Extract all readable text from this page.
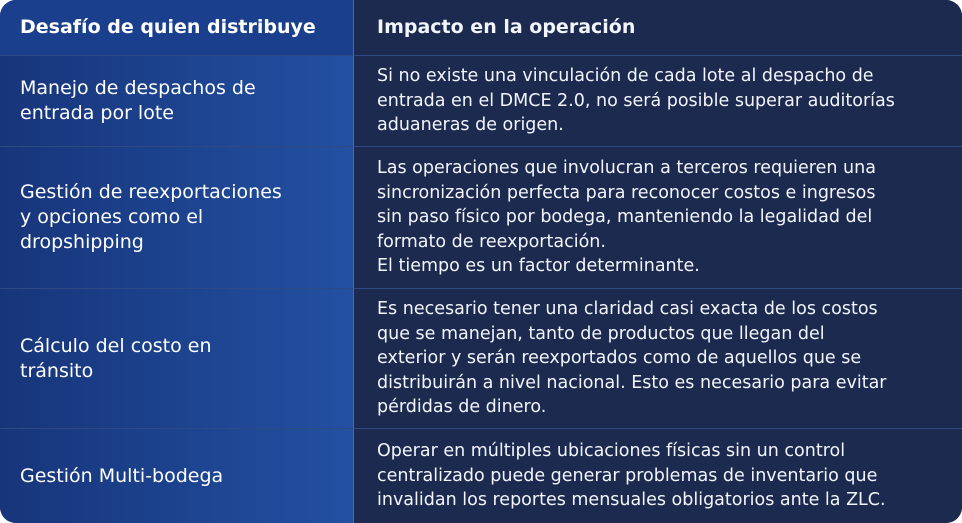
Desafío de quien distribuye	Impacto en la operación
Manejo de despachos de
entrada por lote
Si no existe una vinculación de cada lote al despacho de
entrada en el DMCE 2.0, no será posible superar auditorías
aduaneras de origen.
Gestión de reexportaciones
y opciones como el
dropshipping
Las operaciones que involucran a terceros requieren una
sincronización perfecta para reconocer costos e ingresos
sin paso físico por bodega, manteniendo la legalidad del
formato de reexportación.
El tiempo es un factor determinante.
Cálculo del costo en
tránsito
Es necesario tener una claridad casi exacta de los costos
que se manejan, tanto de productos que llegan del
exterior y serán reexportados como de aquellos que se
distribuirán a nivel nacional. Esto es necesario para evitar
pérdidas de dinero.
Gestión Multi-bodega
Operar en múltiples ubicaciones físicas sin un control
centralizado puede generar problemas de inventario que
invalidan los reportes mensuales obligatorios ante la ZLC.
